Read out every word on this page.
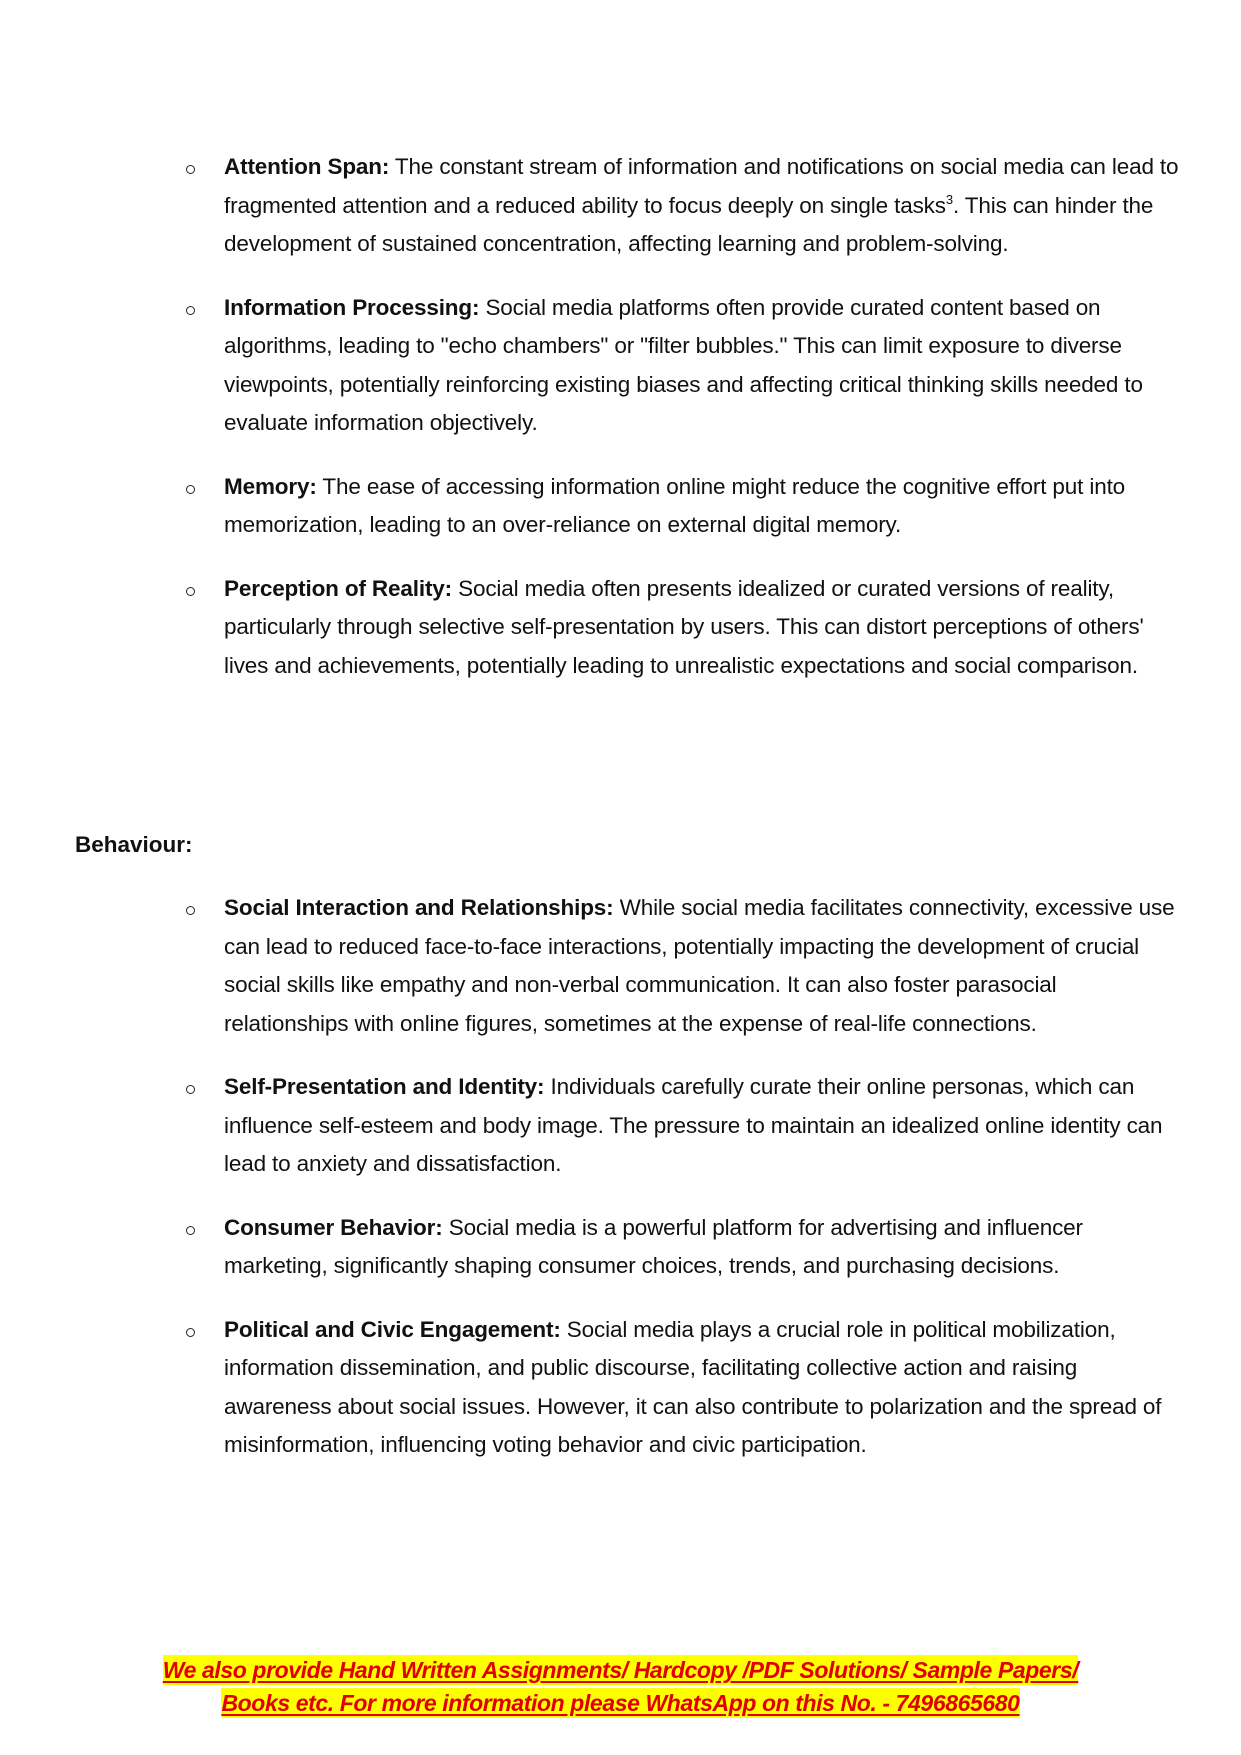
Attention Span: The constant stream of information and notifications on social media can lead to fragmented attention and a reduced ability to focus deeply on single tasks$^3$. This can hinder the development of sustained concentration, affecting learning and problem-solving.
Information Processing: Social media platforms often provide curated content based on algorithms, leading to "echo chambers" or "filter bubbles." This can limit exposure to diverse viewpoints, potentially reinforcing existing biases and affecting critical thinking skills needed to evaluate information objectively.
Memory: The ease of accessing information online might reduce the cognitive effort put into memorization, leading to an over-reliance on external digital memory.
Perception of Reality: Social media often presents idealized or curated versions of reality, particularly through selective self-presentation by users. This can distort perceptions of others' lives and achievements, potentially leading to unrealistic expectations and social comparison.
Behaviour:
Social Interaction and Relationships: While social media facilitates connectivity, excessive use can lead to reduced face-to-face interactions, potentially impacting the development of crucial social skills like empathy and non-verbal communication. It can also foster parasocial relationships with online figures, sometimes at the expense of real-life connections.
Self-Presentation and Identity: Individuals carefully curate their online personas, which can influence self-esteem and body image. The pressure to maintain an idealized online identity can lead to anxiety and dissatisfaction.
Consumer Behavior: Social media is a powerful platform for advertising and influencer marketing, significantly shaping consumer choices, trends, and purchasing decisions.
Political and Civic Engagement: Social media plays a crucial role in political mobilization, information dissemination, and public discourse, facilitating collective action and raising awareness about social issues. However, it can also contribute to polarization and the spread of misinformation, influencing voting behavior and civic participation.
We also provide Hand Written Assignments/ Hardcopy /PDF Solutions/ Sample Papers/
Books etc. For more information please WhatsApp on this No. - 7496865680
